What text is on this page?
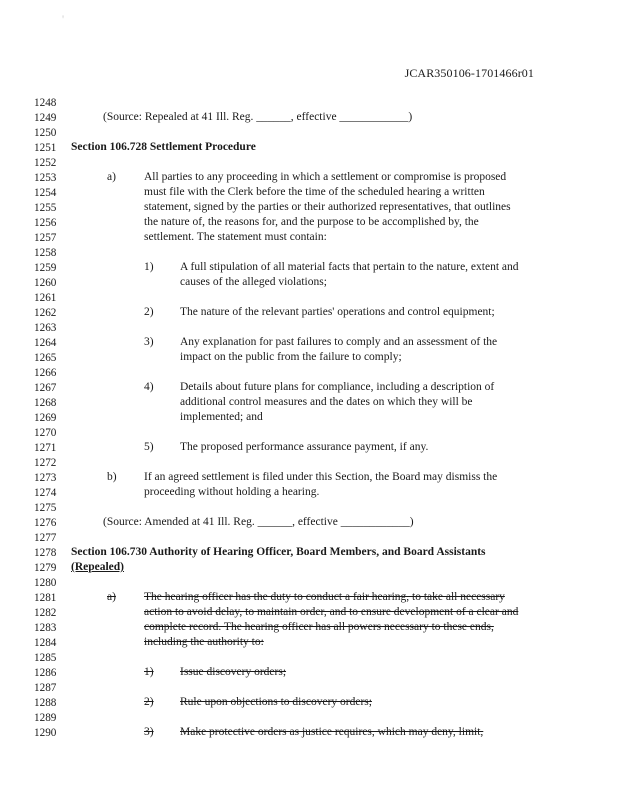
'
JCAR350106-1701466r01
1248
1249
1250
1251
1252
1253
1254
1255
1256
1257
1258
1259
1260
1261
1262
1263
1264
1265
1266
1267
1268
1269
1270
1271
1272
1273
1274
1275
1276
1277
1278
1279
1280
1281
1282
1283
1284
1285
1286
1287
1288
1289
1290
(Source: Repealed at 41 Ill. Reg. ______, effective ____________)
Section 106.728 Settlement Procedure
a) All parties to any proceeding in which a settlement or compromise is proposed
must file with the Clerk before the time of the scheduled hearing a written
statement, signed by the parties or their authorized representatives, that outlines
the nature of, the reasons for, and the purpose to be accomplished by, the
settlement. The statement must contain:
1) A full stipulation of all material facts that pertain to the nature, extent and
causes of the alleged violations;
2) The nature of the relevant parties' operations and control equipment;
3) Any explanation for past failures to comply and an assessment of the
impact on the public from the failure to comply;
4) Details about future plans for compliance, including a description of
additional control measures and the dates on which they will be
implemented; and
5) The proposed performance assurance payment, if any.
b) If an agreed settlement is filed under this Section, the Board may dismiss the
proceeding without holding a hearing.
(Source: Amended at 41 Ill. Reg. ______, effective ____________)
Section 106.730 Authority of Hearing Officer, Board Members, and Board Assistants
(Repealed)
a) The hearing officer has the duty to conduct a fair hearing, to take all necessary
action to avoid delay, to maintain order, and to ensure development of a clear and
complete record. The hearing officer has all powers necessary to these ends,
including the authority to:
1) Issue discovery orders;
2) Rule upon objections to discovery orders;
3) Make protective orders as justice requires, which may deny, limit,
